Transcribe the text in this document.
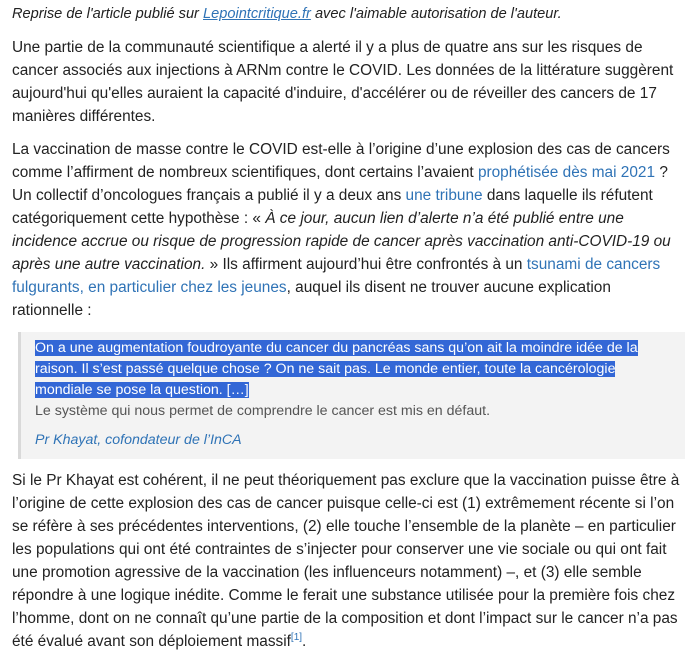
Reprise de l'article publié sur Lepointcritique.fr avec l'aimable autorisation de l'auteur.

Une partie de la communauté scientifique a alerté il y a plus de quatre ans sur les risques de cancer associés aux injections à ARNm contre le COVID. Les données de la littérature suggèrent aujourd'hui qu'elles auraient la capacité d'induire, d'accélérer ou de réveiller des cancers de 17 manières différentes.

La vaccination de masse contre le COVID est-elle à l’origine d’une explosion des cas de cancers comme l’affirment de nombreux scientifiques, dont certains l’avaient prophétisée dès mai 2021 ? Un collectif d’oncologues français a publié il y a deux ans une tribune dans laquelle ils réfutent catégoriquement cette hypothèse : « À ce jour, aucun lien d’alerte n’a été publié entre une incidence accrue ou risque de progression rapide de cancer après vaccination anti-COVID-19 ou après une autre vaccination. » Ils affirment aujourd’hui être confrontés à un tsunami de cancers fulgurants, en particulier chez les jeunes, auquel ils disent ne trouver aucune explication rationnelle :

On a une augmentation foudroyante du cancer du pancréas sans qu’on ait la moindre idée de la raison. Il s’est passé quelque chose ? On ne sait pas. Le monde entier, toute la cancérologie mondiale se pose la question. […]
Le système qui nous permet de comprendre le cancer est mis en défaut.
Pr Khayat, cofondateur de l’InCA

Si le Pr Khayat est cohérent, il ne peut théoriquement pas exclure que la vaccination puisse être à l’origine de cette explosion des cas de cancer puisque celle-ci est (1) extrêmement récente si l’on se réfère à ses précédentes interventions, (2) elle touche l’ensemble de la planète – en particulier les populations qui ont été contraintes de s’injecter pour conserver une vie sociale ou qui ont fait une promotion agressive de la vaccination (les influenceurs notamment) –, et (3) elle semble répondre à une logique inédite. Comme le ferait une substance utilisée pour la première fois chez l’homme, dont on ne connaît qu’une partie de la composition et dont l’impact sur le cancer n’a pas été évalué avant son déploiement massif[1].
